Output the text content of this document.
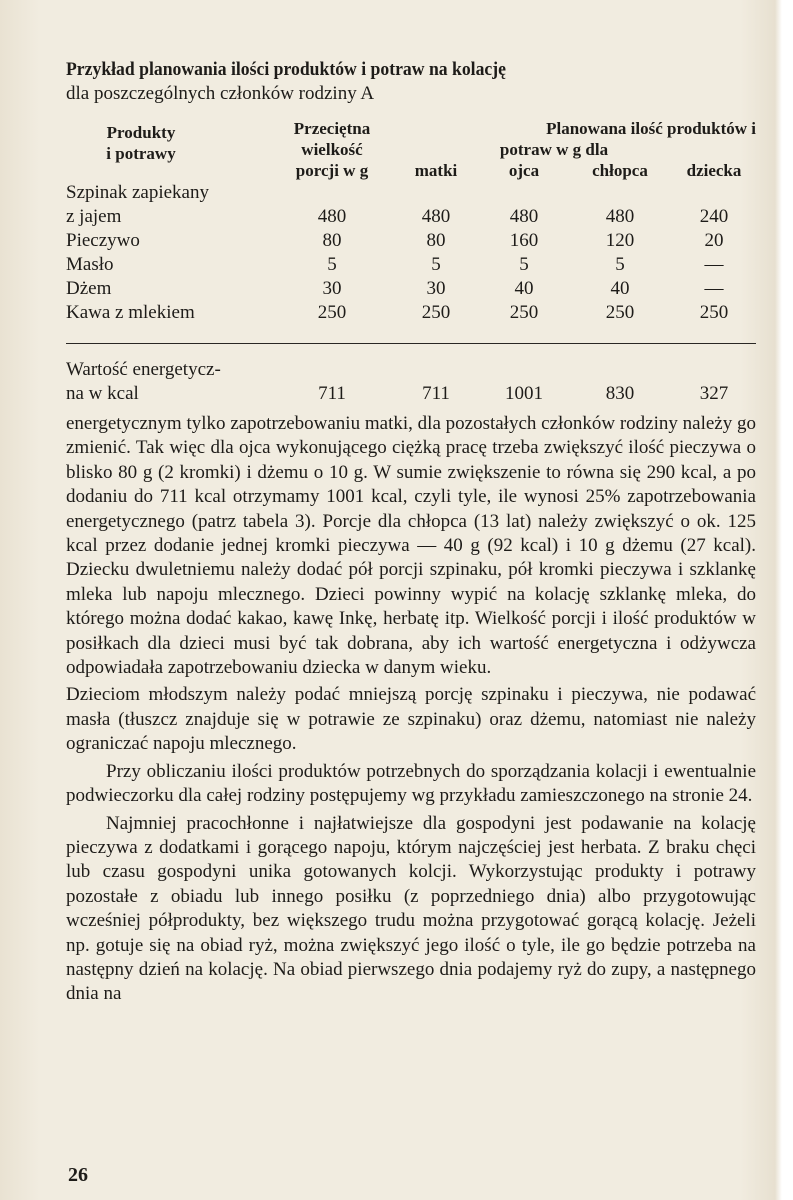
Przykład planowania ilości produktów i potraw na kolację
dla poszczególnych członków rodziny A
Produkty
i potrawy	Przeciętna	Planowana ilość produktów i			
	wielkość	potraw w g dla			
	porcji w g	matki	ojca	chłopca	dziecka
Szpinak zapiekany					
z jajem	480	480	480	480	240
Pieczywo	80	80	160	120	20
Masło	5	5	5	5	—
Dżem	30	30	40	40	—
Kawa z mlekiem	250	250	250	250	250

Wartość energetycz-					
na w kcal	711	711	1001	830	327

energetycznym tylko zapotrzebowaniu matki, dla pozostałych członków rodziny należy go zmienić. Tak więc dla ojca wykonującego ciężką pracę trzeba zwiększyć ilość pieczywa o blisko 80 g (2 kromki) i dżemu o 10 g. W sumie zwiększenie to równa się 290 kcal, a po dodaniu do 711 kcal otrzymamy 1001 kcal, czyli tyle, ile wynosi 25% zapotrzebowania energetycznego (patrz tabela 3). Porcje dla chłopca (13 lat) należy zwiększyć o ok. 125 kcal przez dodanie jednej kromki pieczywa — 40 g (92 kcal) i 10 g dżemu (27 kcal). Dziecku dwuletniemu należy dodać pół porcji szpinaku, pół kromki pieczywa i szklankę mleka lub napoju mlecznego. Dzieci powinny wypić na kolację szklankę mleka, do którego można dodać kakao, kawę Inkę, herbatę itp. Wielkość porcji i ilość produktów w posiłkach dla dzieci musi być tak dobrana, aby ich wartość energetyczna i odżywcza odpowiadała zapotrzebowaniu dziecka w danym wieku.

Dzieciom młodszym należy podać mniejszą porcję szpinaku i pieczywa, nie podawać masła (tłuszcz znajduje się w potrawie ze szpinaku) oraz dżemu, natomiast nie należy ograniczać napoju mlecznego.

Przy obliczaniu ilości produktów potrzebnych do sporządzania kolacji i ewentualnie podwieczorku dla całej rodziny postępujemy wg przykładu zamieszczonego na stronie 24.

Najmniej pracochłonne i najłatwiejsze dla gospodyni jest podawanie na kolację pieczywa z dodatkami i gorącego napoju, którym najczęściej jest herbata. Z braku chęci lub czasu gospodyni unika gotowanych kolcji. Wykorzystując produkty i potrawy pozostałe z obiadu lub innego posiłku (z poprzedniego dnia) albo przygotowując wcześniej półprodukty, bez większego trudu można przygotować gorącą kolację. Jeżeli np. gotuje się na obiad ryż, można zwiększyć jego ilość o tyle, ile go będzie potrzeba na następny dzień na kolację. Na obiad pierwszego dnia podajemy ryż do zupy, a następnego dnia na

26
